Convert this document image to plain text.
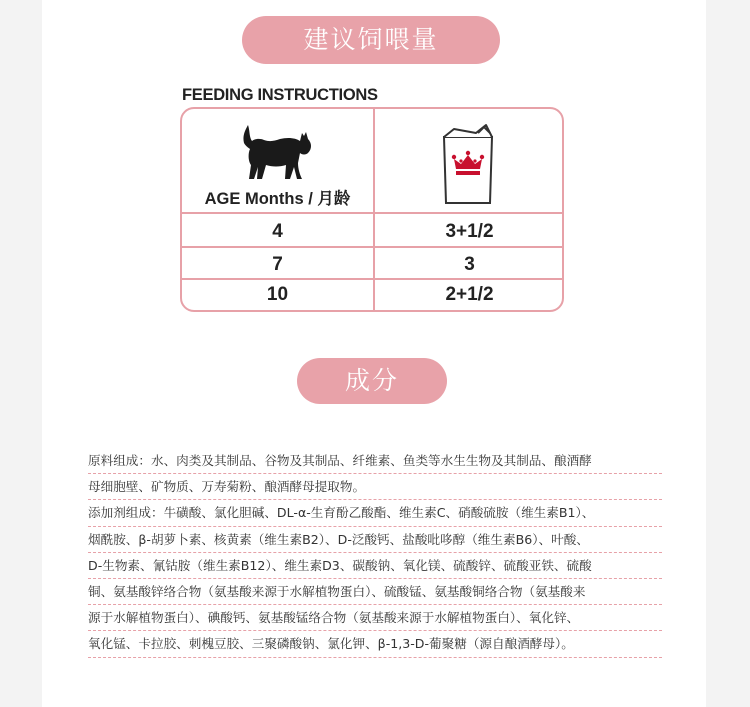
建议饲喂量
FEEDING INSTRUCTIONS
AGE Months / 月龄
4	3+1/2
7	3
10	2+1/2
成分
原料组成：水、肉类及其制品、谷物及其制品、纤维素、鱼类等水生生物及其制品、酿酒酵
母细胞壁、矿物质、万寿菊粉、酿酒酵母提取物。
添加剂组成：牛磺酸、氯化胆碱、DL-α-生育酚乙酸酯、维生素C、硝酸硫胺（维生素B1）、
烟酰胺、β-胡萝卜素、核黄素（维生素B2）、D-泛酸钙、盐酸吡哆醇（维生素B6）、叶酸、
D-生物素、氰钴胺（维生素B12）、维生素D3、碳酸钠、氧化镁、硫酸锌、硫酸亚铁、硫酸
铜、氨基酸锌络合物（氨基酸来源于水解植物蛋白）、硫酸锰、氨基酸铜络合物（氨基酸来
源于水解植物蛋白）、碘酸钙、氨基酸锰络合物（氨基酸来源于水解植物蛋白）、氧化锌、
氧化锰、卡拉胶、刺槐豆胶、三聚磷酸钠、氯化钾、β-1,3-D-葡聚糖（源自酿酒酵母）。
